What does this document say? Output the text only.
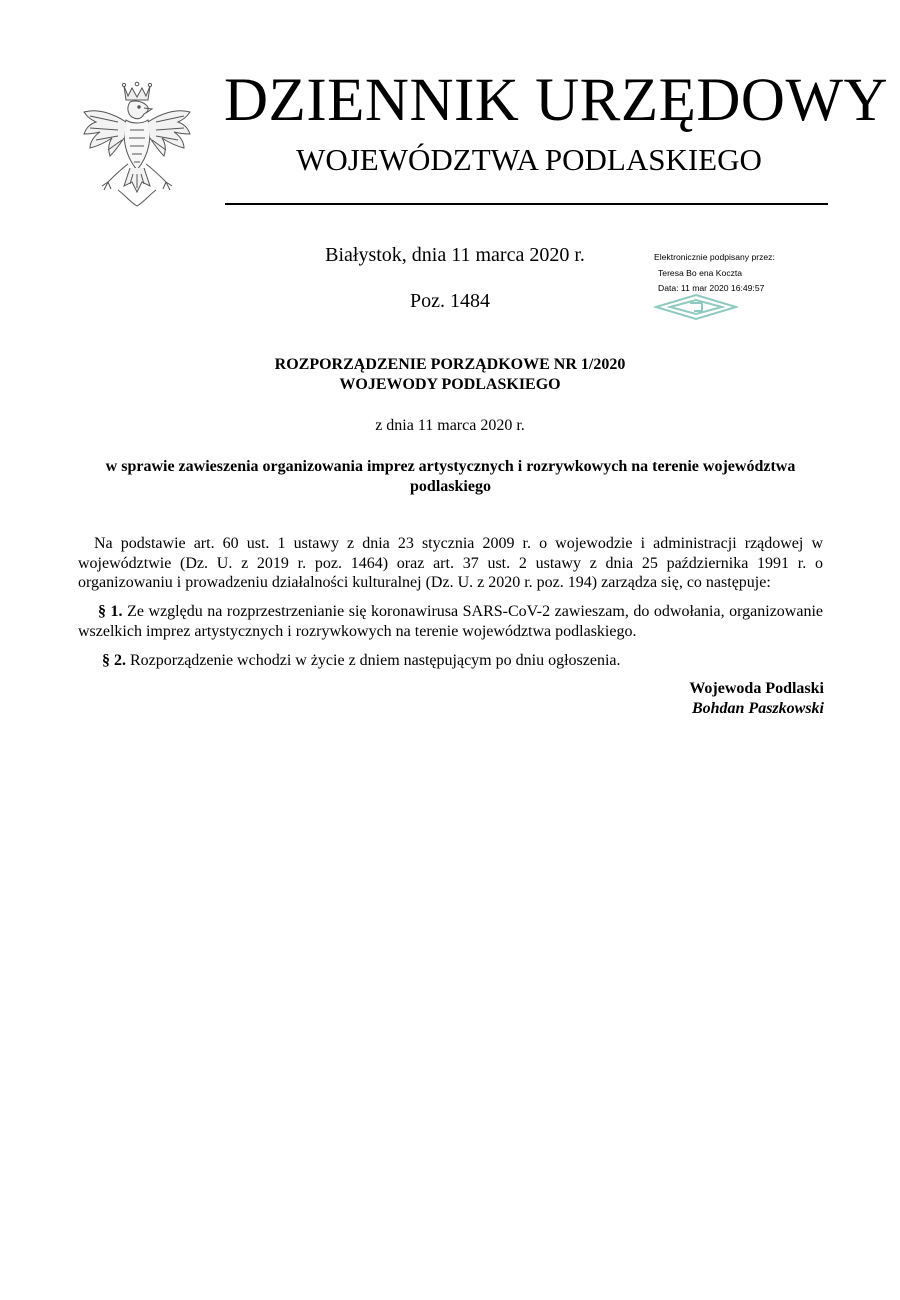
DZIENNIK URZĘDOWY
WOJEWÓDZTWA PODLASKIEGO
Białystok, dnia 11 marca 2020 r.
Poz. 1484
Elektronicznie podpisany przez:
Teresa Bo ena Koczta
Data: 11 mar 2020 16:49:57
ROZPORZĄDZENIE PORZĄDKOWE NR 1/2020
WOJEWODY PODLASKIEGO
z dnia 11 marca 2020 r.
w sprawie zawieszenia organizowania imprez artystycznych i rozrywkowych na terenie województwa podlaskiego
Na podstawie art. 60 ust. 1 ustawy z dnia 23 stycznia 2009 r. o wojewodzie i administracji rządowej w województwie (Dz. U. z 2019 r. poz. 1464) oraz art. 37 ust. 2 ustawy z dnia 25 października 1991 r. o organizowaniu i prowadzeniu działalności kulturalnej (Dz. U. z 2020 r. poz. 194) zarządza się, co następuje:
§ 1. Ze względu na rozprzestrzenianie się koronawirusa SARS-CoV-2 zawieszam, do odwołania, organizowanie wszelkich imprez artystycznych i rozrywkowych na terenie województwa podlaskiego.
§ 2. Rozporządzenie wchodzi w życie z dniem następującym po dniu ogłoszenia.
Wojewoda Podlaski
Bohdan Paszkowski
